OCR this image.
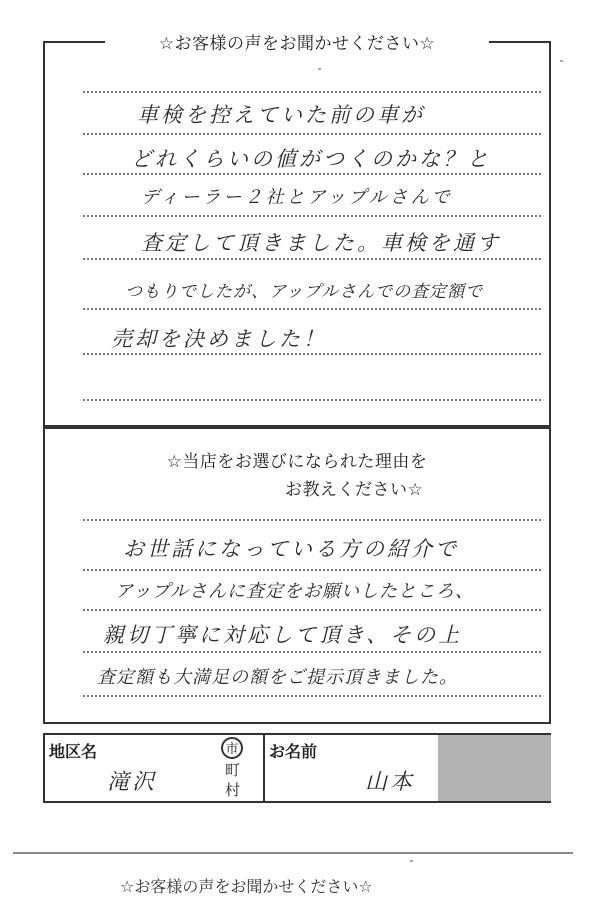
☆お客様の声をお聞かせください☆
車検を控えていた前の車が
どれくらいの値がつくのかな？と
ディーラー２社とアップルさんで
査定して頂きました。車検を通す
つもりでしたが、アップルさんでの査定額で
売却を決めました！
☆当店をお選びになられた理由を
お教えください☆
お世話になっている方の紹介で
アップルさんに査定をお願いしたところ、
親切丁寧に対応して頂き、その上
査定額も大満足の額をご提示頂きました。
地区名
滝沢
市
町
村
お名前
山本
☆お客様の声をお聞かせください☆
